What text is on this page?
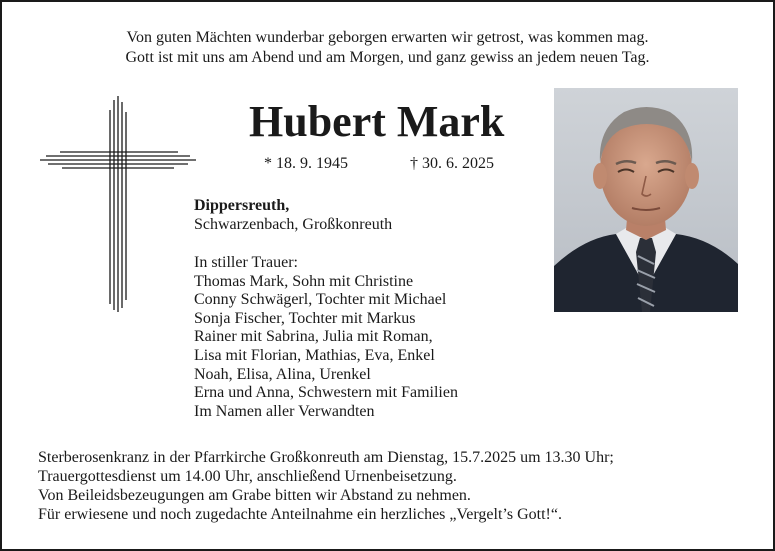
Von guten Mächten wunderbar geborgen erwarten wir getrost, was kommen mag.
Gott ist mit uns am Abend und am Morgen, und ganz gewiss an jedem neuen Tag.
Hubert Mark
* 18. 9. 1945	† 30. 6. 2025
Dippersreuth,
Schwarzenbach, Großkonreuth
In stiller Trauer:
Thomas Mark, Sohn mit Christine
Conny Schwägerl, Tochter mit Michael
Sonja Fischer, Tochter mit Markus
Rainer mit Sabrina, Julia mit Roman,
Lisa mit Florian, Mathias, Eva, Enkel
Noah, Elisa, Alina, Urenkel
Erna und Anna, Schwestern mit Familien
Im Namen aller Verwandten
Sterberosenkranz in der Pfarrkirche Großkonreuth am Dienstag, 15.7.2025 um 13.30 Uhr;
Trauergottesdienst um 14.00 Uhr, anschließend Urnenbeisetzung.
Von Beileidsbezeugungen am Grabe bitten wir Abstand zu nehmen.
Für erwiesene und noch zugedachte Anteilnahme ein herzliches „Vergelt’s Gott!“.
